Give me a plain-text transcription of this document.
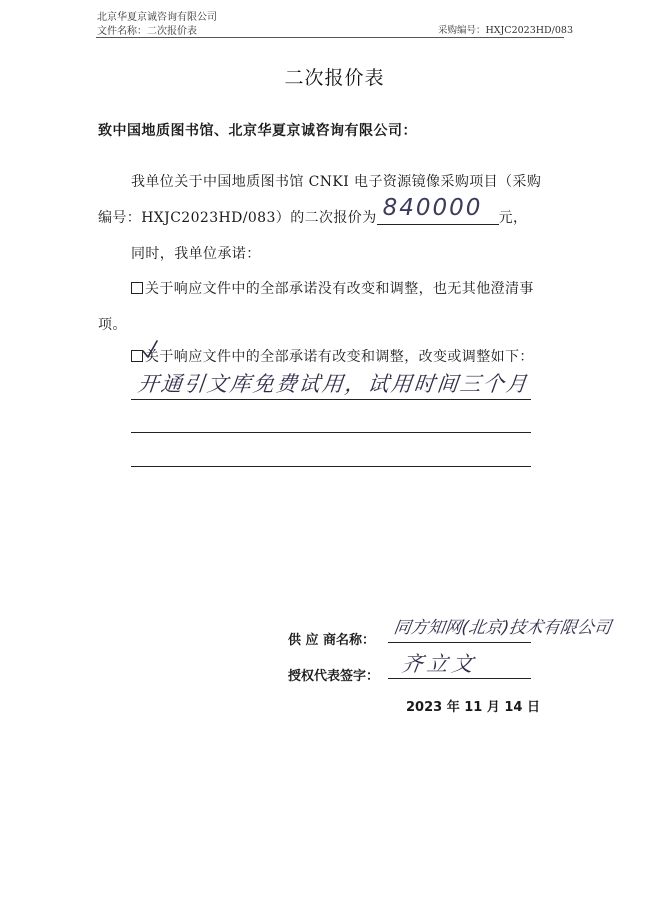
北京华夏京诚咨询有限公司
文件名称：二次报价表	采购编号：HXJC2023HD/083
二次报价表
致中国地质图书馆、北京华夏京诚咨询有限公司：
我单位关于中国地质图书馆 CNKI 电子资源镜像采购项目（采购
编号：HXJC2023HD/083）的二次报价为 840000 元，
同时，我单位承诺：
关于响应文件中的全部承诺没有改变和调整，也无其他澄清事
项。
关于响应文件中的全部承诺有改变和调整，改变或调整如下：
开通引文库免费试用，试用时间三个月
供 应 商名称：
同方知网(北京)技术有限公司
授权代表签字：
齐立文
2023 年 11 月 14 日
